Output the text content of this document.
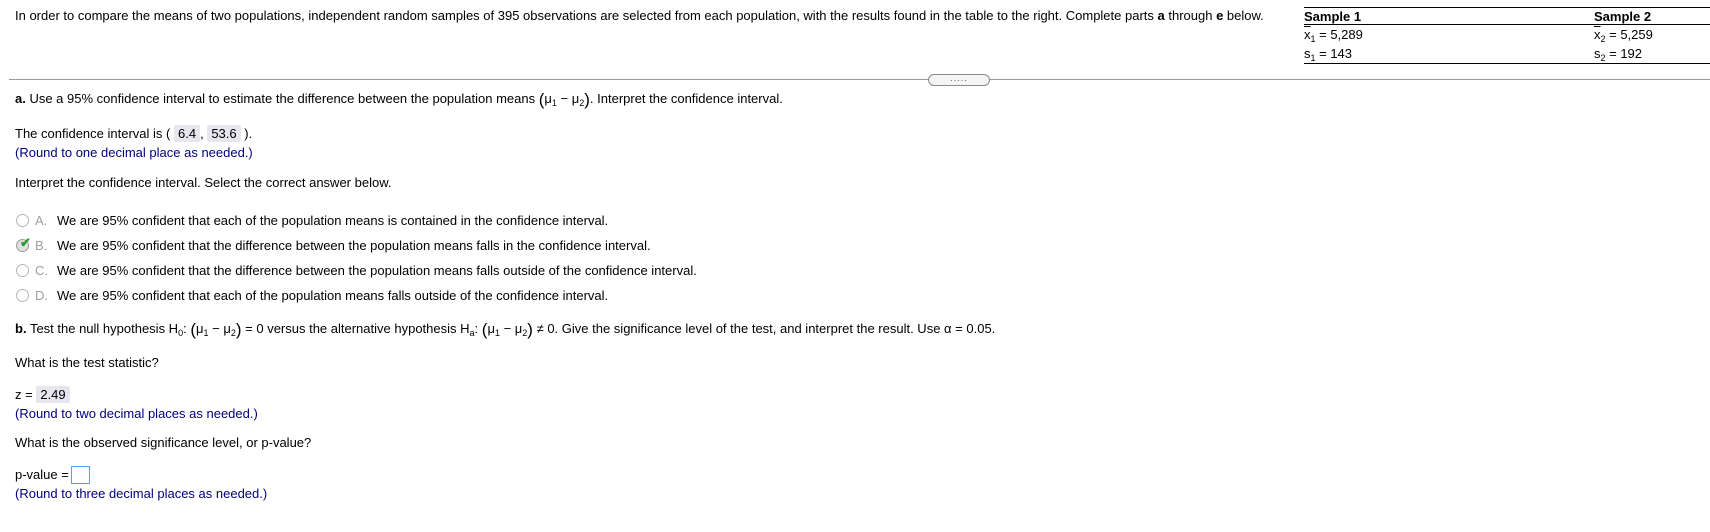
In order to compare the means of two populations, independent random samples of 395 observations are selected from each population, with the results found in the table to the right. Complete parts a through e below.	Sample 1	Sample 2
$\overline{x}_1 = 5,289$	$\overline{x}_2 = 5,259$
$s_1 = 143$	$s_2 = 192$
.....
a. Use a 95% confidence interval to estimate the difference between the population means $(\mu_1 - \mu_2)$. Interpret the confidence interval.
The confidence interval is ( 6.4 , 53.6 ).
(Round to one decimal place as needed.)
Interpret the confidence interval. Select the correct answer below.
A. We are 95% confident that each of the population means is contained in the confidence interval.
✔ B. We are 95% confident that the difference between the population means falls in the confidence interval.
C. We are 95% confident that the difference between the population means falls outside of the confidence interval.
D. We are 95% confident that each of the population means falls outside of the confidence interval.
b. Test the null hypothesis $H_0$: $(\mu_1 - \mu_2) = 0$ versus the alternative hypothesis $H_a$: $(\mu_1 - \mu_2) \ne 0$. Give the significance level of the test, and interpret the result. Use α = 0.05.
What is the test statistic?
z = 2.49
(Round to two decimal places as needed.)
What is the observed significance level, or p-value?
p-value =
(Round to three decimal places as needed.)
